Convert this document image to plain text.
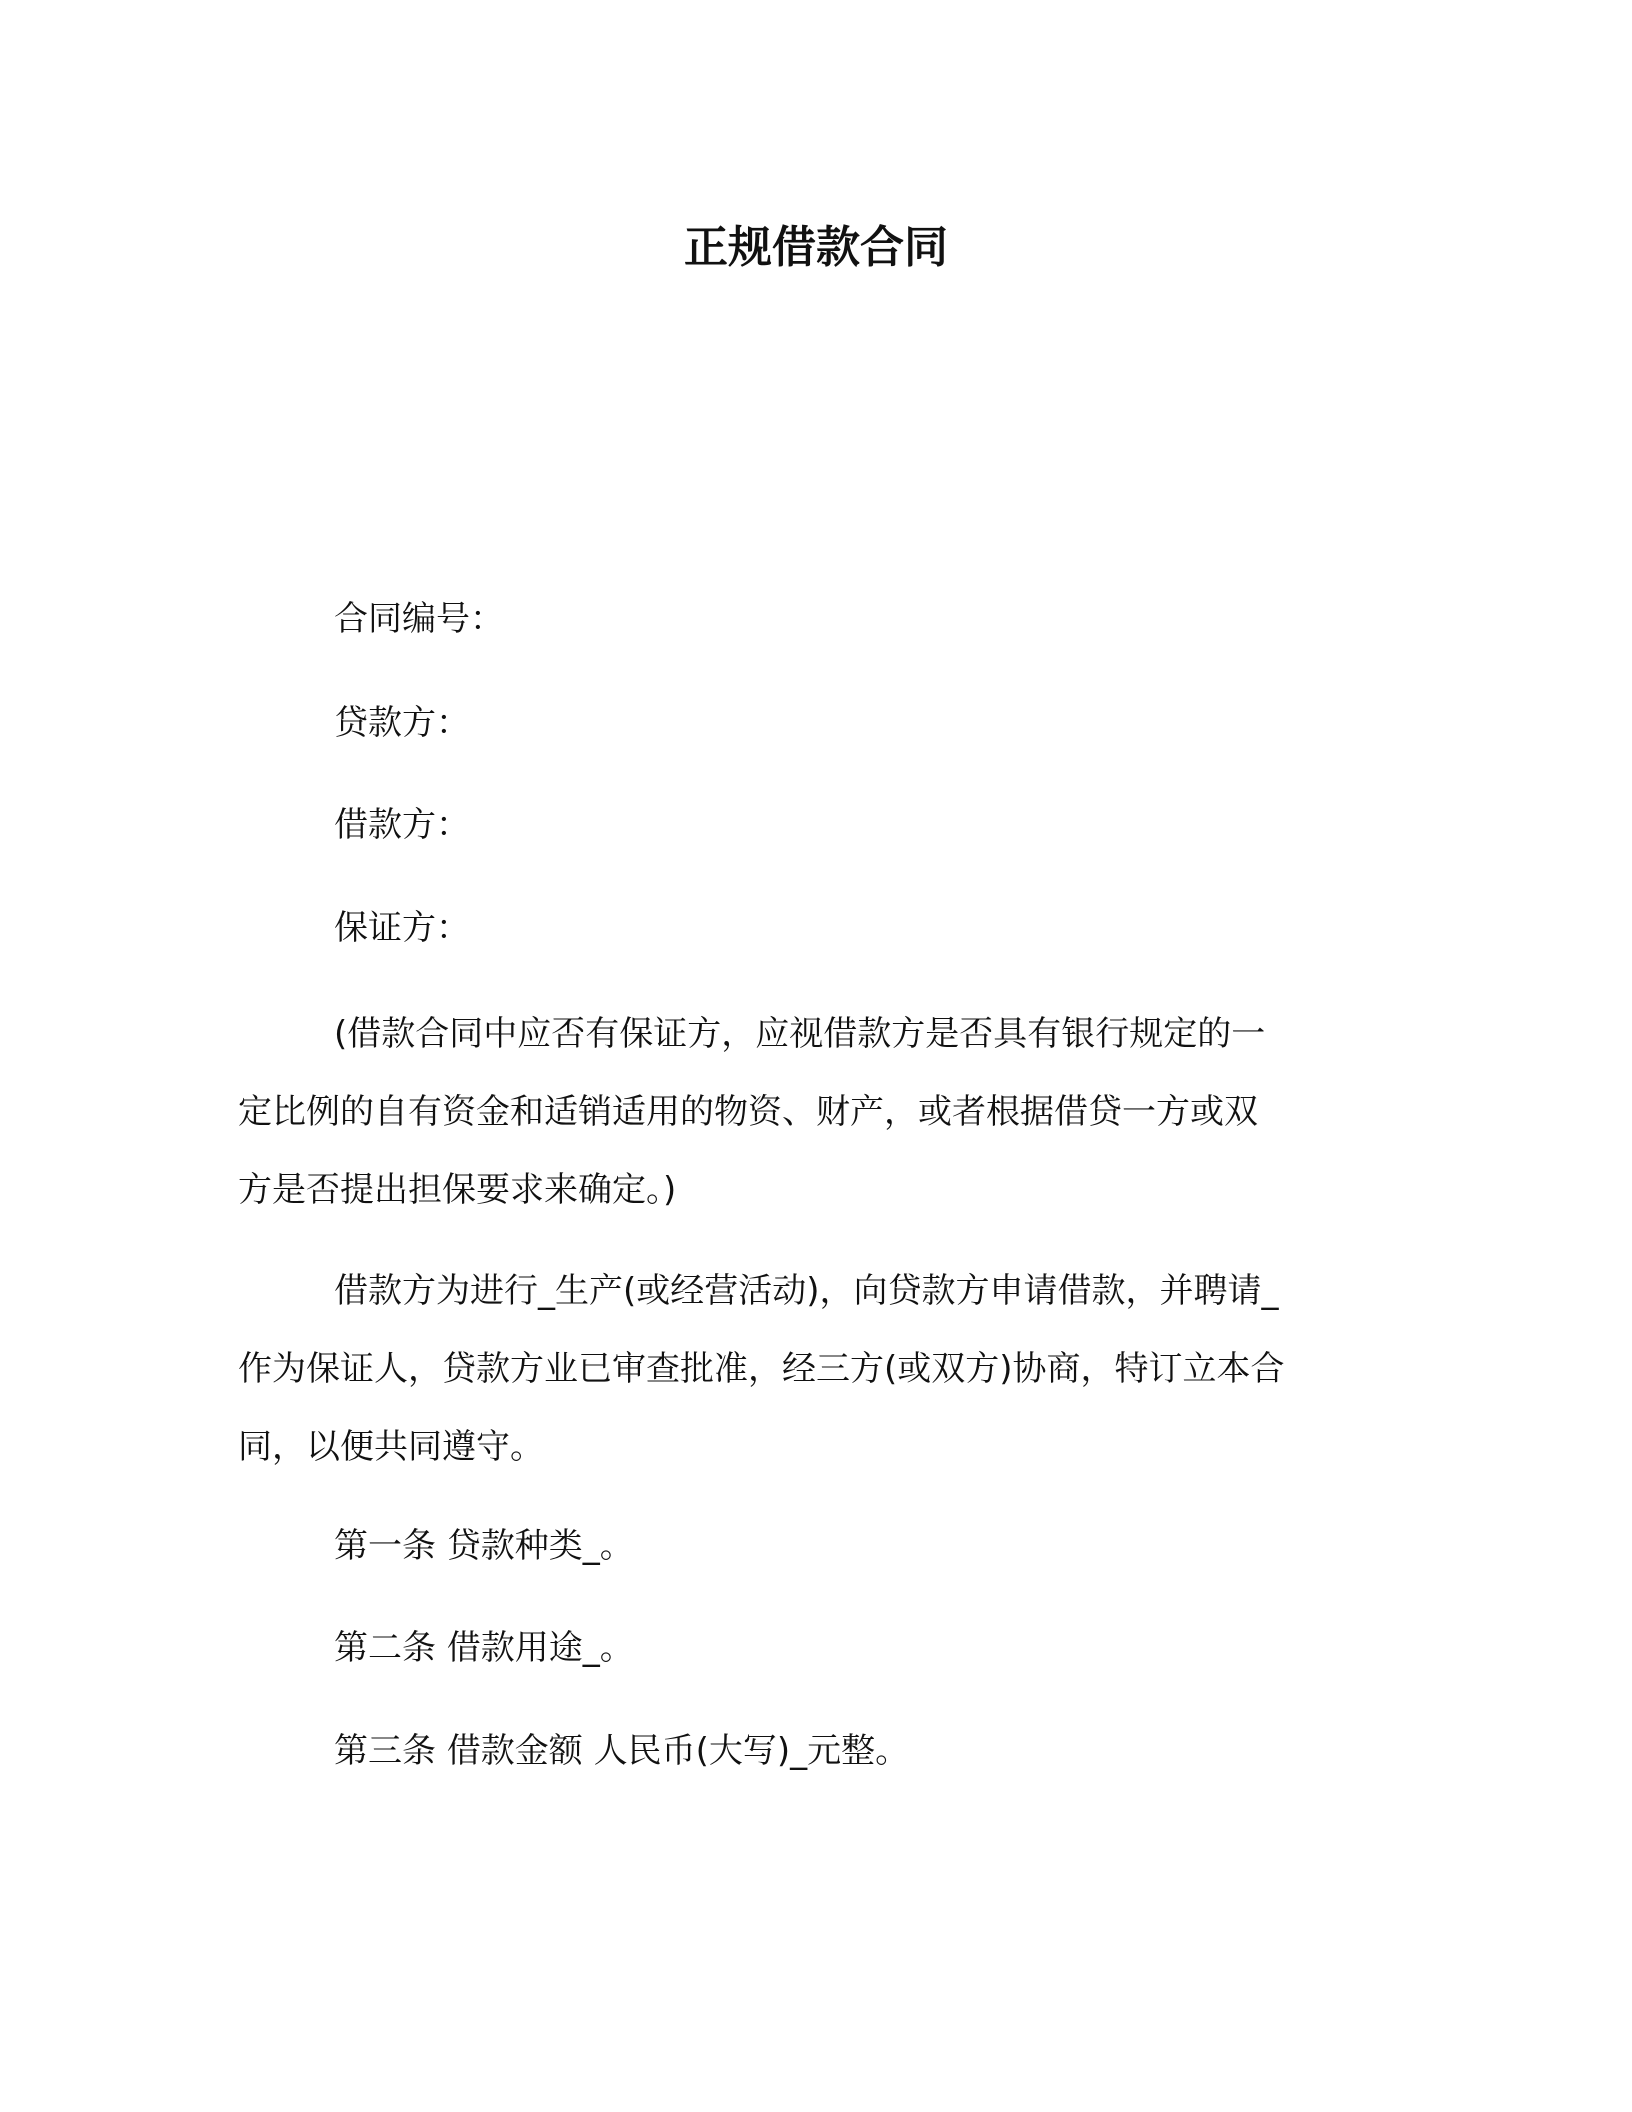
正规借款合同
合同编号：
贷款方：
借款方：
保证方：
(借款合同中应否有保证方，应视借款方是否具有银行规定的一
定比例的自有资金和适销适用的物资、财产，或者根据借贷一方或双
方是否提出担保要求来确定。)
借款方为进行_生产(或经营活动)，向贷款方申请借款，并聘请_
作为保证人，贷款方业已审查批准，经三方(或双方)协商，特订立本合
同，以便共同遵守。
第一条 贷款种类_。
第二条 借款用途_。
第三条 借款金额 人民币(大写)_元整。
